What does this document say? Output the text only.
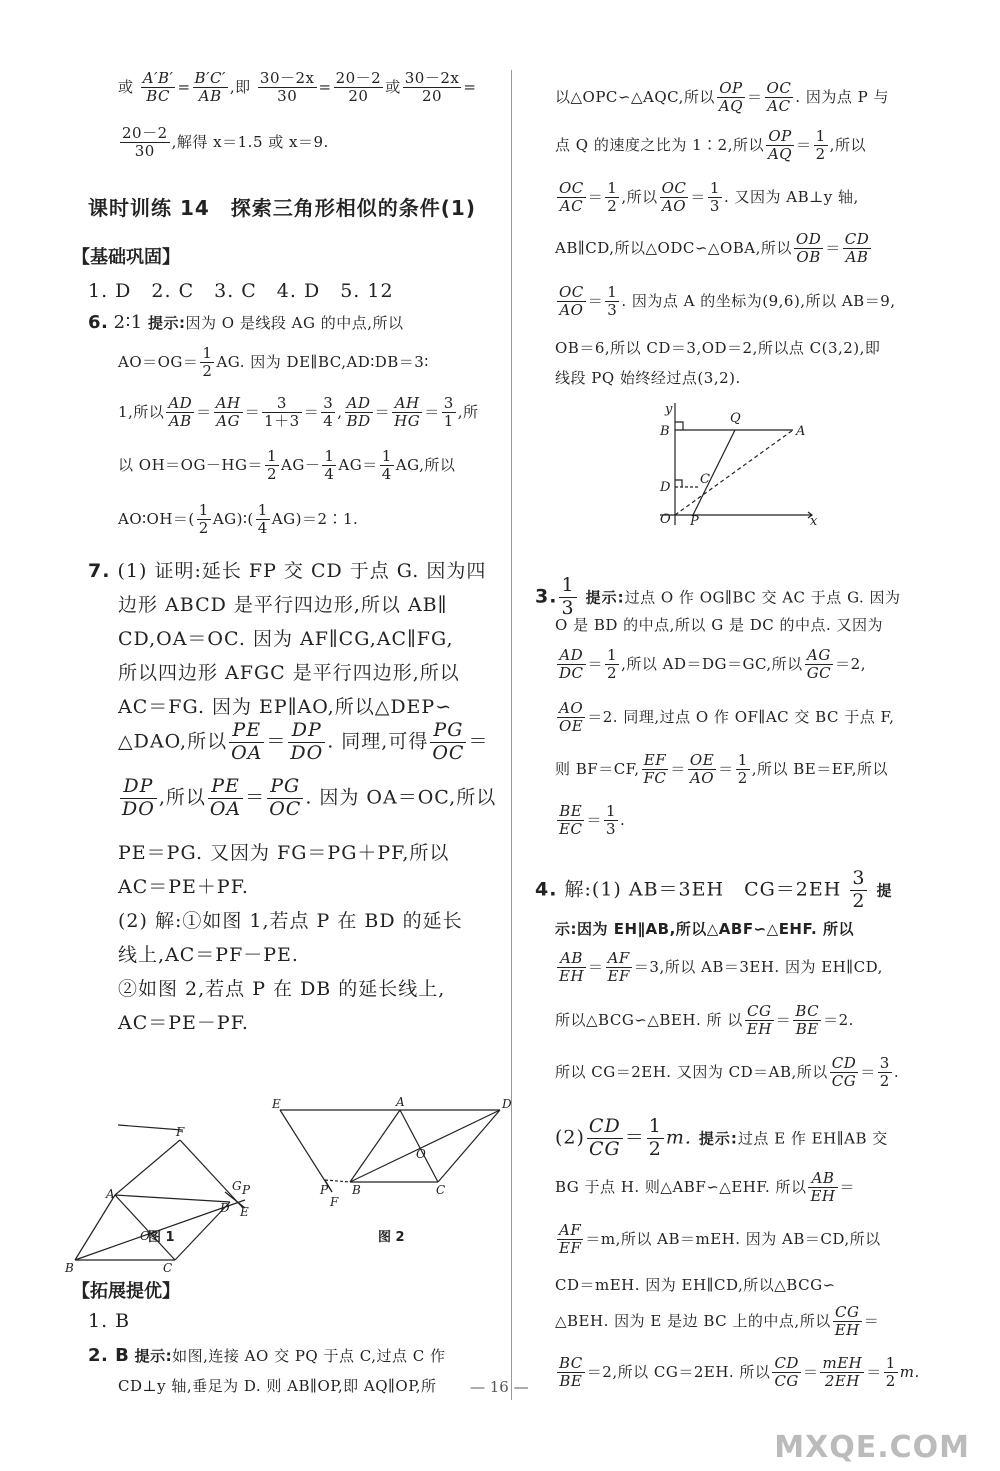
或 $\frac{A'B'}{BC} = \frac{B'C'}{AB}$ ,即 $\frac{30-2x}{30} = \frac{20-2}{20}$ 或 $\frac{30-2x}{20}$ =
$\frac{20-2}{30}$ ,解得 x＝1.5 或 x＝9.
课时训练 14　探索三角形相似的条件(1)
【基础巩固】
1. D　2. C　3. C　4. D　5. 12
6. 2∶1 提示:因为 O 是线段 AG 的中点,所以
$AO=OG= \frac{1}{2}$ AG. 因为 DE∥BC,AD∶DB＝3∶
1,所以 $\frac{AD}{AB} = \frac{AH}{AG} = \frac{3}{1+3} = \frac{3}{4}$ , $\frac{AD}{BD} = \frac{AH}{HG} = \frac{3}{1}$ ,所
以 $OH=OG-HG= \frac{1}{2} AG- \frac{1}{4} AG= \frac{1}{4}$ AG,所以
AO∶OH＝( $\frac{1}{2}$ AG)∶( $\frac{1}{4}$ AG)＝2∶1.
7. (1) 证明:延长 FP 交 CD 于点 G. 因为四
边形 ABCD 是平行四边形,所以 AB∥
CD,OA＝OC. 因为 AF∥CG,AC∥FG,
所以四边形 AFGC 是平行四边形,所以
AC＝FG. 因为 EP∥AO,所以△DEP∽
△DAO,所以 $\frac{PE}{OA} = \frac{DP}{DO}$ . 同理,可得 $\frac{PG}{OC}$ ＝
$\frac{DP}{DO}$ ,所以 $\frac{PE}{OA} = \frac{PG}{OC}$ . 因为 OA＝OC,所以
PE＝PG. 又因为 FG＝PG＋PF,所以
AC＝PE＋PF.
(2) 解:①如图 1,若点 P 在 BD 的延长
线上,AC＝PF－PE.
②如图 2,若点 P 在 DB 的延长线上,
AC＝PE－PF.
【拓展提优】
1. B
2. B 提示:如图,连接 AO 交 PQ 于点 C,过点 C 作
CD⊥y 轴,垂足为 D. 则 AB∥OP,即 AQ∥OP,所
F
A
G P
D E
O
B	C
E	A	D
O
P B	C
F
图 1	图 2
以△OPC∽△AQC,所以 $\frac{OP}{AQ} = \frac{OC}{AC}$ . 因为点 P 与
点 Q 的速度之比为 1∶2,所以 $\frac{OP}{AQ} = \frac{1}{2}$ ,所以
$\frac{OC}{AC} = \frac{1}{2}$ ,所以 $\frac{OC}{AO} = \frac{1}{3}$ . 又因为 AB⊥y 轴,
AB∥CD,所以△ODC∽△OBA,所以 $\frac{OD}{OB} = \frac{CD}{AB}$
$\frac{OC}{AO} = \frac{1}{3}$ . 因为点 A 的坐标为(9,6),所以 AB＝9,
OB＝6,所以 CD＝3,OD＝2,所以点 C(3,2),即
线段 PQ 始终经过点(3,2).
3. $\frac{1}{3}$ 提示:过点 O 作 OG∥BC 交 AC 于点 G. 因为
O 是 BD 的中点,所以 G 是 DC 的中点. 又因为
$\frac{AD}{DC} = \frac{1}{2}$ ,所以 AD＝DG＝GC,所以 $\frac{AG}{GC} =2$,
$\frac{AO}{OE} =2$. 同理,过点 O 作 OF∥AC 交 BC 于点 F,
则 BF＝CF, $\frac{EF}{FC} = \frac{OE}{AO} = \frac{1}{2}$ ,所以 BE＝EF,所以
$\frac{BE}{EC} = \frac{1}{3}$ .
4. 解:(1) AB＝3EH　$CG=2EH \frac{3}{2}$ 提
示:因为 EH∥AB,所以△ABF∽△EHF. 所以
$\frac{AB}{EH} = \frac{AF}{EF} =3$,所以 AB＝3EH. 因为 EH∥CD,
所以△BCG∽△BEH. 所 以 $\frac{CG}{EH} = \frac{BC}{BE} =2$.
所以 CG＝2EH. 又因为 CD＝AB,所以 $\frac{CD}{CG} = \frac{3}{2}$ .
$(2) \frac{CD}{CG} = \frac{1}{2} m$. 提示:过点 E 作 EH∥AB 交
BG 于点 H. 则△ABF∽△EHF. 所以 $\frac{AB}{EH}$ ＝
$\frac{AF}{EF} =m$,所以 AB＝mEH. 因为 AB＝CD,所以
CD＝mEH. 因为 EH∥CD,所以△BCG∽
△BEH. 因为 E 是边 BC 上的中点,所以 $\frac{CG}{EH}$ ＝
$\frac{BC}{BE} =2$,所以 CG＝2EH. 所以 $\frac{CD}{CG} = \frac{\text{mEH}}{2EH} = \frac{1}{2} m$.
y
Q
B	A
C
D
O P	x
— 16 —
MXQE.COM
